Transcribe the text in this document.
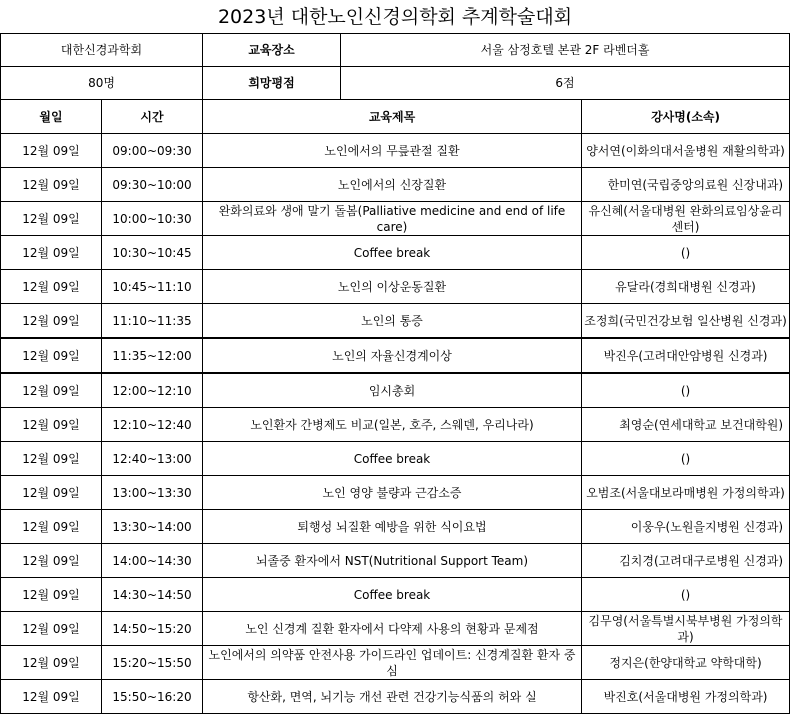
2023년 대한노인신경의학회 추계학술대회				
대한신경과학회		교육장소	서울 삼정호텔 본관 2F 라벤더홀	
80명		희망평점	6점	
월일	시간	교육제목		강사명(소속)
12월 09일	09:00~09:30	노인에서의 무릎관절 질환		양서연(이화의대서울병원 재활의학과)
12월 09일	09:30~10:00	노인에서의 신장질환		한미연(국립중앙의료원 신장내과)
12월 09일	10:00~10:30	완화의료와 생애 말기 돌봄(Palliative medicine and end of life care)		유신혜(서울대병원 완화의료임상윤리센터)
12월 09일	10:30~10:45	Coffee break		()
12월 09일	10:45~11:10	노인의 이상운동질환		유달라(경희대병원 신경과)
12월 09일	11:10~11:35	노인의 통증		조정희(국민건강보험 일산병원 신경과)
12월 09일	11:35~12:00	노인의 자율신경계이상		박진우(고려대안암병원 신경과)
12월 09일	12:00~12:10	임시총회		()
12월 09일	12:10~12:40	노인환자 간병제도 비교(일본, 호주, 스웨덴, 우리나라)		최영순(연세대학교 보건대학원)
12월 09일	12:40~13:00	Coffee break		()
12월 09일	13:00~13:30	노인 영양 불량과 근감소증		오범조(서울대보라매병원 가정의학과)
12월 09일	13:30~14:00	퇴행성 뇌질환 예방을 위한 식이요법		이웅우(노원을지병원 신경과)
12월 09일	14:00~14:30	뇌졸중 환자에서 NST(Nutritional Support Team)		김치경(고려대구로병원 신경과)
12월 09일	14:30~14:50	Coffee break		()
12월 09일	14:50~15:20	노인 신경계 질환 환자에서 다약제 사용의 현황과 문제점		김무영(서울특별시북부병원 가정의학과)
12월 09일	15:20~15:50	노인에서의 의약품 안전사용 가이드라인 업데이트: 신경계질환 환자 중심		정지은(한양대학교 약학대학)
12월 09일	15:50~16:20	항산화, 면역, 뇌기능 개선 관련 건강기능식품의 허와 실		박진호(서울대병원 가정의학과)
